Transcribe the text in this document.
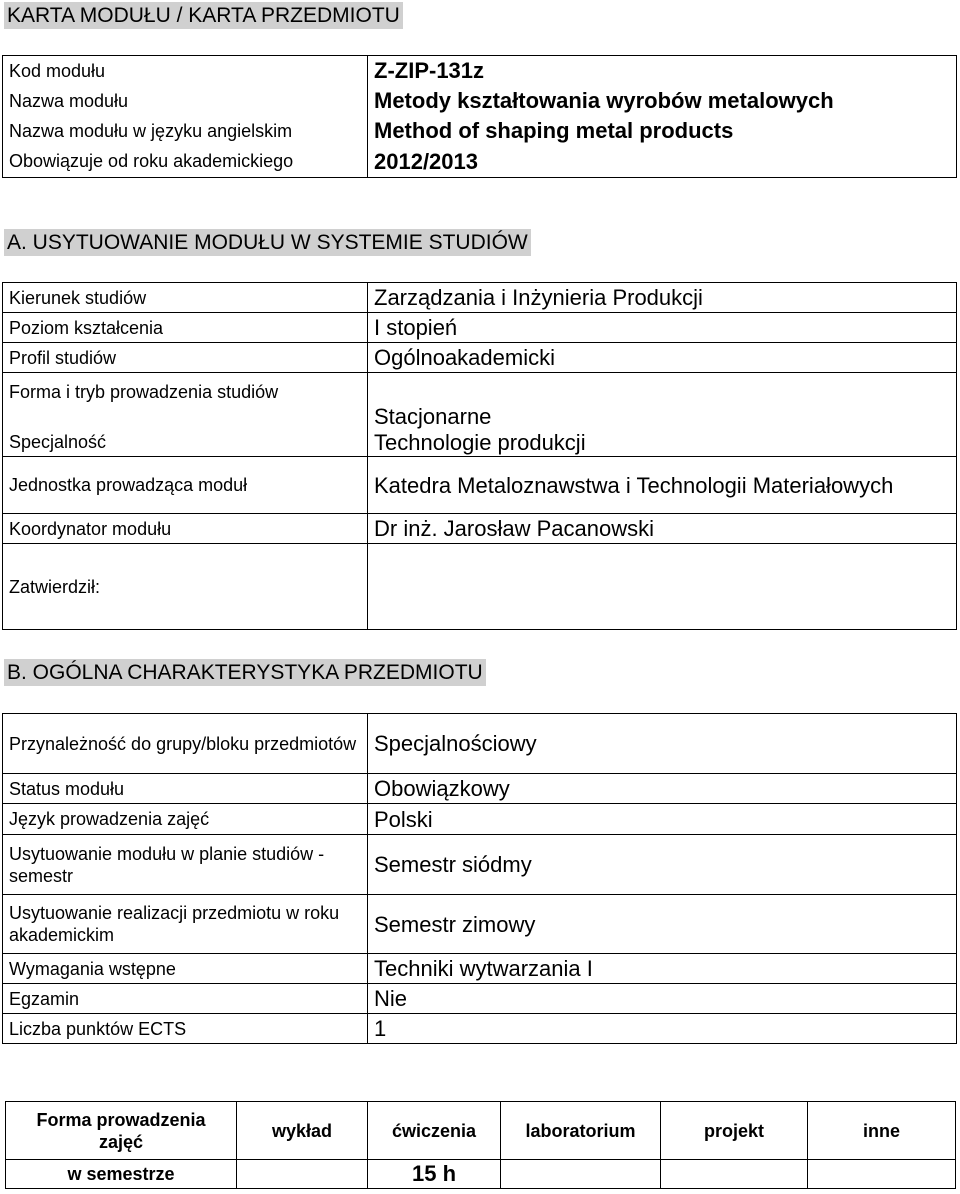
KARTA MODUŁU / KARTA PRZEDMIOTU
Kod modułu	Z-ZIP-131z
Nazwa modułu	Metody kształtowania wyrobów metalowych
Nazwa modułu w języku angielskim	Method of shaping metal products
Obowiązuje od roku akademickiego	2012/2013
A. USYTUOWANIE MODUŁU W SYSTEMIE STUDIÓW
Kierunek studiów	Zarządzania i Inżynieria Produkcji
Poziom kształcenia	I stopień
Profil studiów	Ogólnoakademicki
Forma i tryb prowadzenia studiów	Stacjonarne
Specjalność	Technologie produkcji
Jednostka prowadząca moduł	Katedra Metaloznawstwa i Technologii Materiałowych
Koordynator modułu	Dr inż. Jarosław Pacanowski
Zatwierdził:	
B. OGÓLNA CHARAKTERYSTYKA PRZEDMIOTU
Przynależność do grupy/bloku przedmiotów	Specjalnościowy
Status modułu	Obowiązkowy
Język prowadzenia zajęć	Polski
Usytuowanie modułu w planie studiów - semestr	Semestr siódmy
Usytuowanie realizacji przedmiotu w roku akademickim	Semestr zimowy
Wymagania wstępne	Techniki wytwarzania I
Egzamin	Nie
Liczba punktów ECTS	1
Forma prowadzenia zajęć	wykład	ćwiczenia	laboratorium	projekt	inne
w semestrze		15 h			
